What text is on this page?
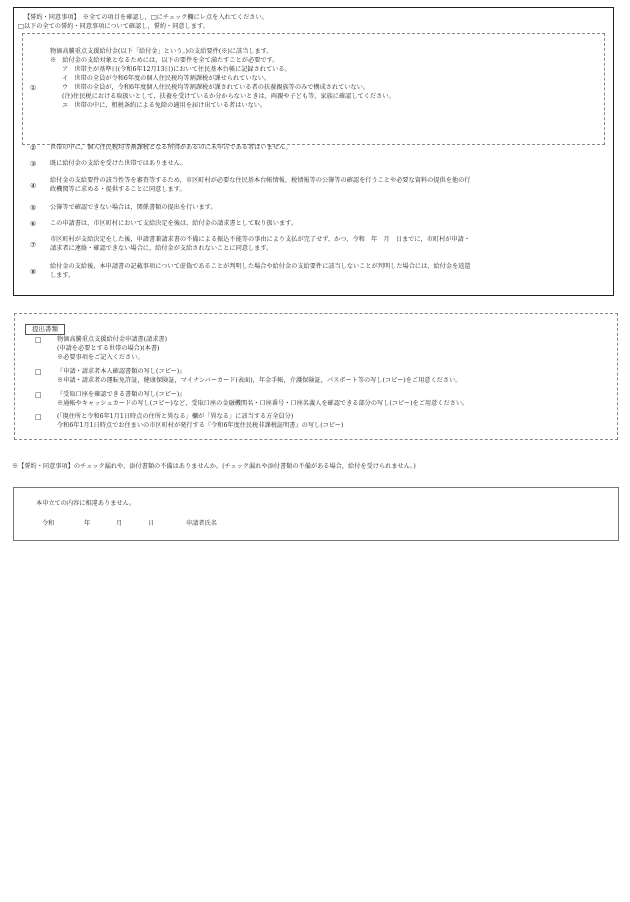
【誓約・同意事項】　※全ての項目を確認し，□にチェック欄にレ点を入れてください。
□以下の全ての誓約・同意事項について確認し，誓約・同意します。
①
物価高騰重点支援給付金(以下「給付金」という。)の支給要件(※)に該当します。
※　給付金の支給対象となるためには，以下の要件を全て満たすことが必要です。
ア　世帯主が基準日(令和6年12月13日)において住民基本台帳に記録されている。
イ　世帯の全員が令和6年度の個人住民税均等割課税が課せられていない。
ウ　世帯の全員が，令和6年度個人住民税均等割課税が課されている者の扶養親族等のみで構成されていない。
(注)住民税における取扱いとして，扶養を受けているか分からないときは，両親や子ども等，家族に確認してください。
エ　世帯の中に，租税条約による免除の適用を届け出ている者はいない。
② 世帯の中に，個人住民税均等割課税となる所得があるのに未申告である者はいません。
③ 既に給付金の支給を受けた世帯ではありません。
④
給付金の支給要件の該当性等を審査等するため，市区町村が必要な住民基本台帳情報，税情報等の公簿等の確認を行うことや必要な資料の提供を他の行
政機関等に求める・提供することに同意します。
⑤ 公簿等で確認できない場合は，関係書類の提出を行います。
⑥ この申請書は，市区町村において支給決定を後は，給付金の請求書として取り扱います。
⑦
市区町村が支給決定をした後，申請書兼請求書の不備による振込不能等の事由により支払が完了せず，かつ，令和　年　月　日までに，市町村が申請・
請求者に連絡・確認できない場合に，給付金が支給されないことに同意します。
⑧
給付金の支給後，本申請書の記載事項について虚偽であることが判明した場合や給付金の支給要件に該当しないことが判明した場合には，給付金を返還
します。
提出書類
□ 物価高騰重点支援給付金申請書(請求書)
(申請を必要とする世帯の場合)(本書)
※必要事項をご記入ください。
□ 『申請・請求者本人確認書類の写し(コピー)』
※申請・請求者の運転免許証，健康保険証，マイナンバーカード(表面)，年金手帳，介護保険証，パスポート等の写し(コピー)をご用意ください。
□ 『受取口座を確認できる書類の写し(コピー)』
※通帳やキャッシュカードの写し(コピー)など，受取口座の金融機関名・口座番号・口座名義人を確認できる部分の写し(コピー)をご用意ください。
□ (「現住所と令和6年1月1日時点の住所と異なる」欄が「異なる」に該当する方全員分)
令和6年1月1日時点でお住まいの市区町村が発行する『令和6年度住民税非課税証明書』の写し(コピー)
※【誓約・同意事項】のチェック漏れや，添付書類の不備はありませんか。(チェック漏れや添付書類の不備がある場合，給付を受けられません。)
本申立ての内容に相違ありません。
令和	年	月	日	申請者氏名
